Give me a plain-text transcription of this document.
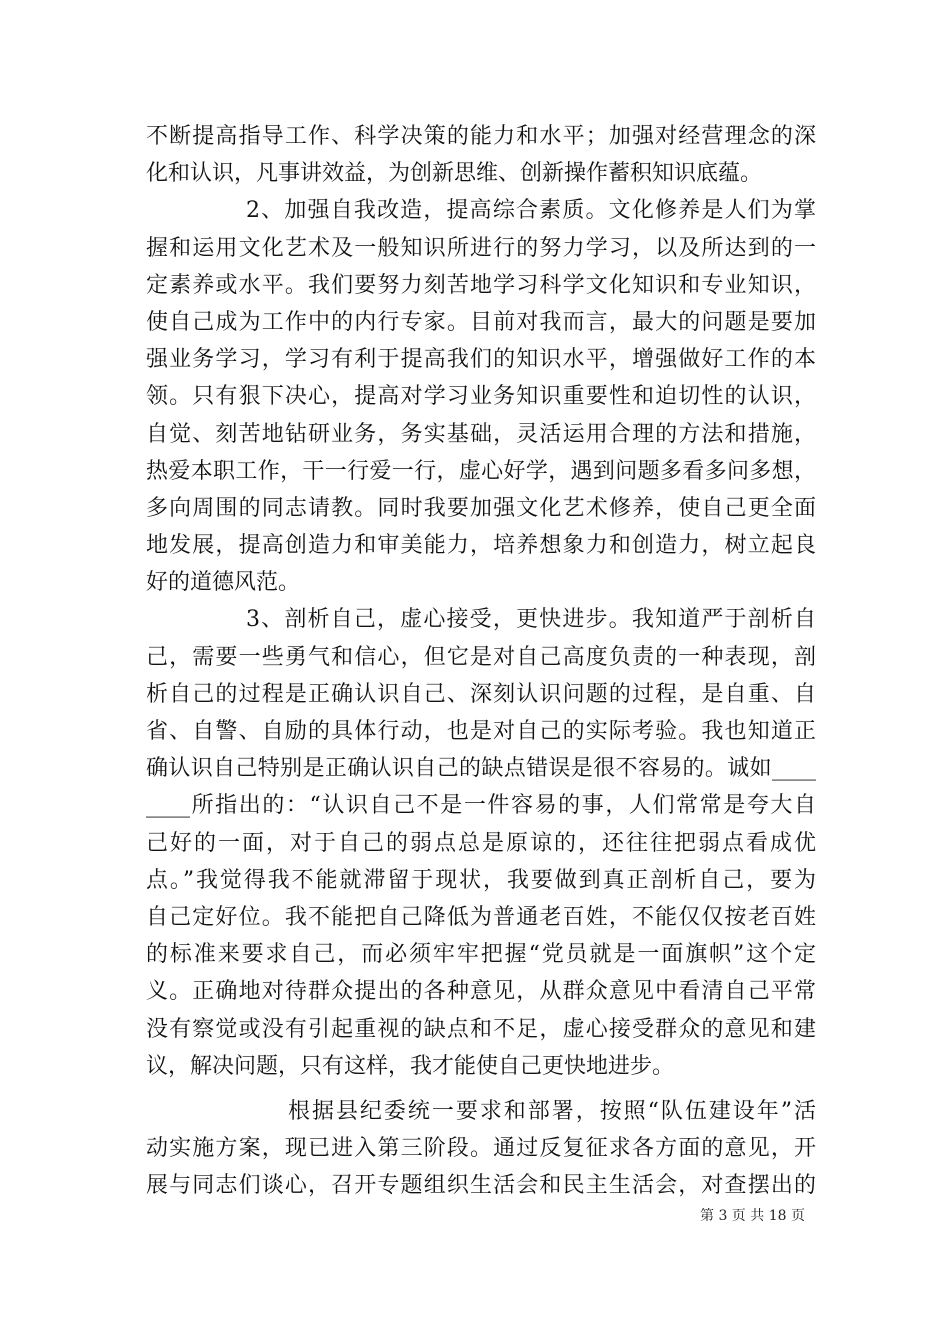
不断提高指导工作、科学决策的能力和水平；加强对经营理念的深
化和认识，凡事讲效益，为创新思维、创新操作蓄积知识底蕴。
2、加强自我改造，提高综合素质。文化修养是人们为掌
握和运用文化艺术及一般知识所进行的努力学习，以及所达到的一
定素养或水平。我们要努力刻苦地学习科学文化知识和专业知识，
使自己成为工作中的内行专家。目前对我而言，最大的问题是要加
强业务学习，学习有利于提高我们的知识水平，增强做好工作的本
领。只有狠下决心，提高对学习业务知识重要性和迫切性的认识，
自觉、刻苦地钻研业务，务实基础，灵活运用合理的方法和措施，
热爱本职工作，干一行爱一行，虚心好学，遇到问题多看多问多想，
多向周围的同志请教。同时我要加强文化艺术修养，使自己更全面
地发展，提高创造力和审美能力，培养想象力和创造力，树立起良
好的道德风范。
3、剖析自己，虚心接受，更快进步。我知道严于剖析自
己，需要一些勇气和信心，但它是对自己高度负责的一种表现，剖
析自己的过程是正确认识自己、深刻认识问题的过程，是自重、自
省、自警、自励的具体行动，也是对自己的实际考验。我也知道正
确认识自己特别是正确认识自己的缺点错误是很不容易的。诚如____
____所指出的：“认识自己不是一件容易的事，人们常常是夸大自
己好的一面，对于自己的弱点总是原谅的，还往往把弱点看成优
点。”我觉得我不能就滞留于现状，我要做到真正剖析自己，要为
自己定好位。我不能把自己降低为普通老百姓，不能仅仅按老百姓
的标准来要求自己，而必须牢牢把握“党员就是一面旗帜”这个定
义。正确地对待群众提出的各种意见，从群众意见中看清自己平常
没有察觉或没有引起重视的缺点和不足，虚心接受群众的意见和建
议，解决问题，只有这样，我才能使自己更快地进步。
根据县纪委统一要求和部署，按照“队伍建设年”活
动实施方案，现已进入第三阶段。通过反复征求各方面的意见，开
展与同志们谈心，召开专题组织生活会和民主生活会，对查摆出的
第 3 页 共 18 页
